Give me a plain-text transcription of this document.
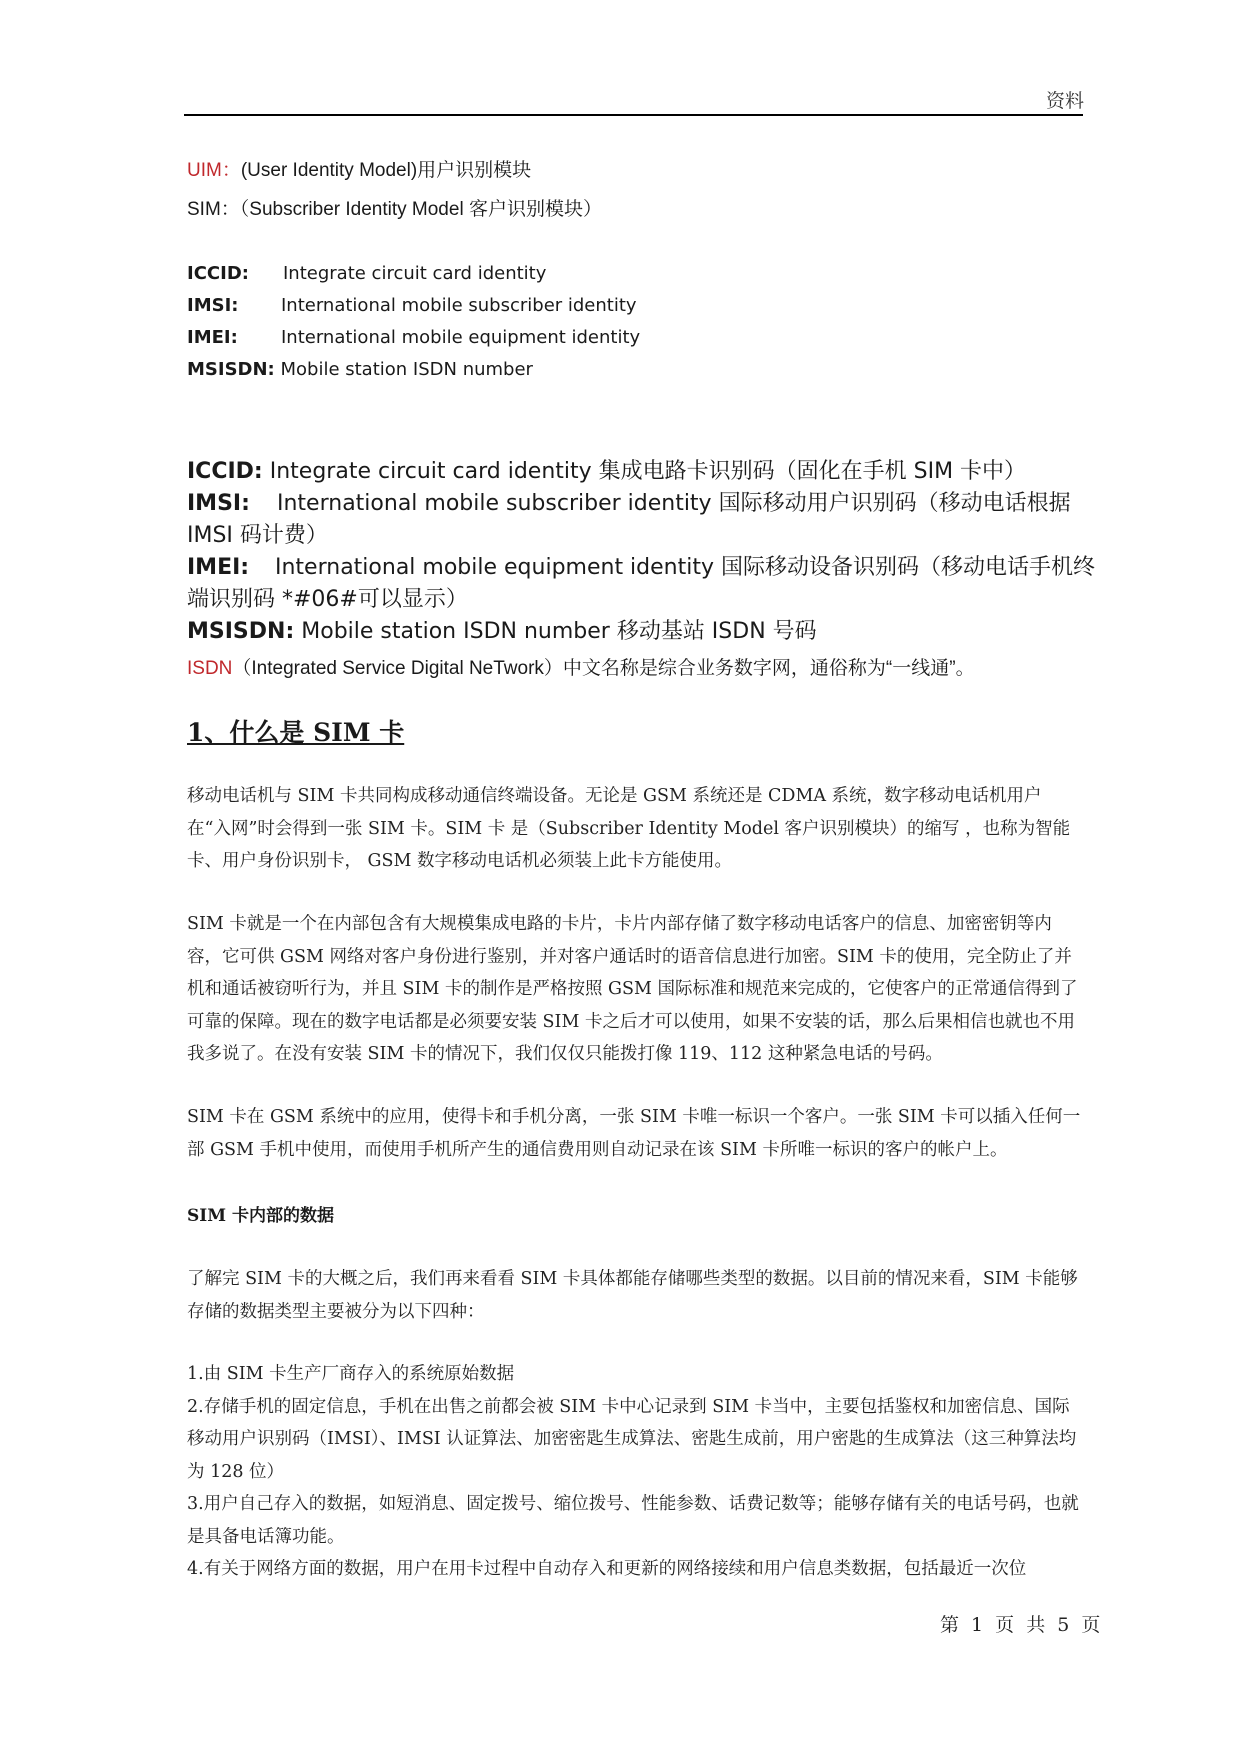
资料
UIM：(User Identity Model)用户识别模块
SIM：（Subscriber Identity Model 客户识别模块）
ICCID: Integrate circuit card identity
IMSI: International mobile subscriber identity
IMEI: International mobile equipment identity
MSISDN: Mobile station ISDN number
ICCID: Integrate circuit card identity 集成电路卡识别码（固化在手机 SIM 卡中）
IMSI: International mobile subscriber identity 国际移动用户识别码（移动电话根据
IMSI 码计费）
IMEI: International mobile equipment identity 国际移动设备识别码（移动电话手机终
端识别码 *#06#可以显示）
MSISDN: Mobile station ISDN number 移动基站 ISDN 号码
ISDN（Integrated Service Digital NeTwork）中文名称是综合业务数字网，通俗称为“一线通”。
1、什么是 SIM 卡

移动电话机与 SIM 卡共同构成移动通信终端设备。无论是 GSM 系统还是 CDMA 系统，数字移动电话机用户在“入网”时会得到一张 SIM 卡。SIM 卡 是（Subscriber Identity Model 客户识别模块）的缩写 ，也称为智能卡、用户身份识别卡， GSM 数字移动电话机必须装上此卡方能使用。

SIM 卡就是一个在内部包含有大规模集成电路的卡片，卡片内部存储了数字移动电话客户的信息、加密密钥等内容，它可供 GSM 网络对客户身份进行鉴别，并对客户通话时的语音信息进行加密。SIM 卡的使用，完全防止了并机和通话被窃听行为，并且 SIM 卡的制作是严格按照 GSM 国际标准和规范来完成的，它使客户的正常通信得到了可靠的保障。现在的数字电话都是必须要安装 SIM 卡之后才可以使用，如果不安装的话，那么后果相信也就也不用我多说了。在没有安装 SIM 卡的情况下，我们仅仅只能拨打像 119、112 这种紧急电话的号码。

SIM 卡在 GSM 系统中的应用，使得卡和手机分离，一张 SIM 卡唯一标识一个客户。一张 SIM 卡可以插入任何一部 GSM 手机中使用，而使用手机所产生的通信费用则自动记录在该 SIM 卡所唯一标识的客户的帐户上。

SIM 卡内部的数据

了解完 SIM 卡的大概之后，我们再来看看 SIM 卡具体都能存储哪些类型的数据。以目前的情况来看，SIM 卡能够存储的数据类型主要被分为以下四种：

1.由 SIM 卡生产厂商存入的系统原始数据

2.存储手机的固定信息，手机在出售之前都会被 SIM 卡中心记录到 SIM 卡当中，主要包括鉴权和加密信息、国际移动用户识别码（IMSI）、IMSI 认证算法、加密密匙生成算法、密匙生成前，用户密匙的生成算法（这三种算法均为 128 位）

3.用户自己存入的数据，如短消息、固定拨号、缩位拨号、性能参数、话费记数等；能够存储有关的电话号码，也就是具备电话簿功能。

4.有关于网络方面的数据，用户在用卡过程中自动存入和更新的网络接续和用户信息类数据，包括最近一次位

第 1 页 共 5 页
